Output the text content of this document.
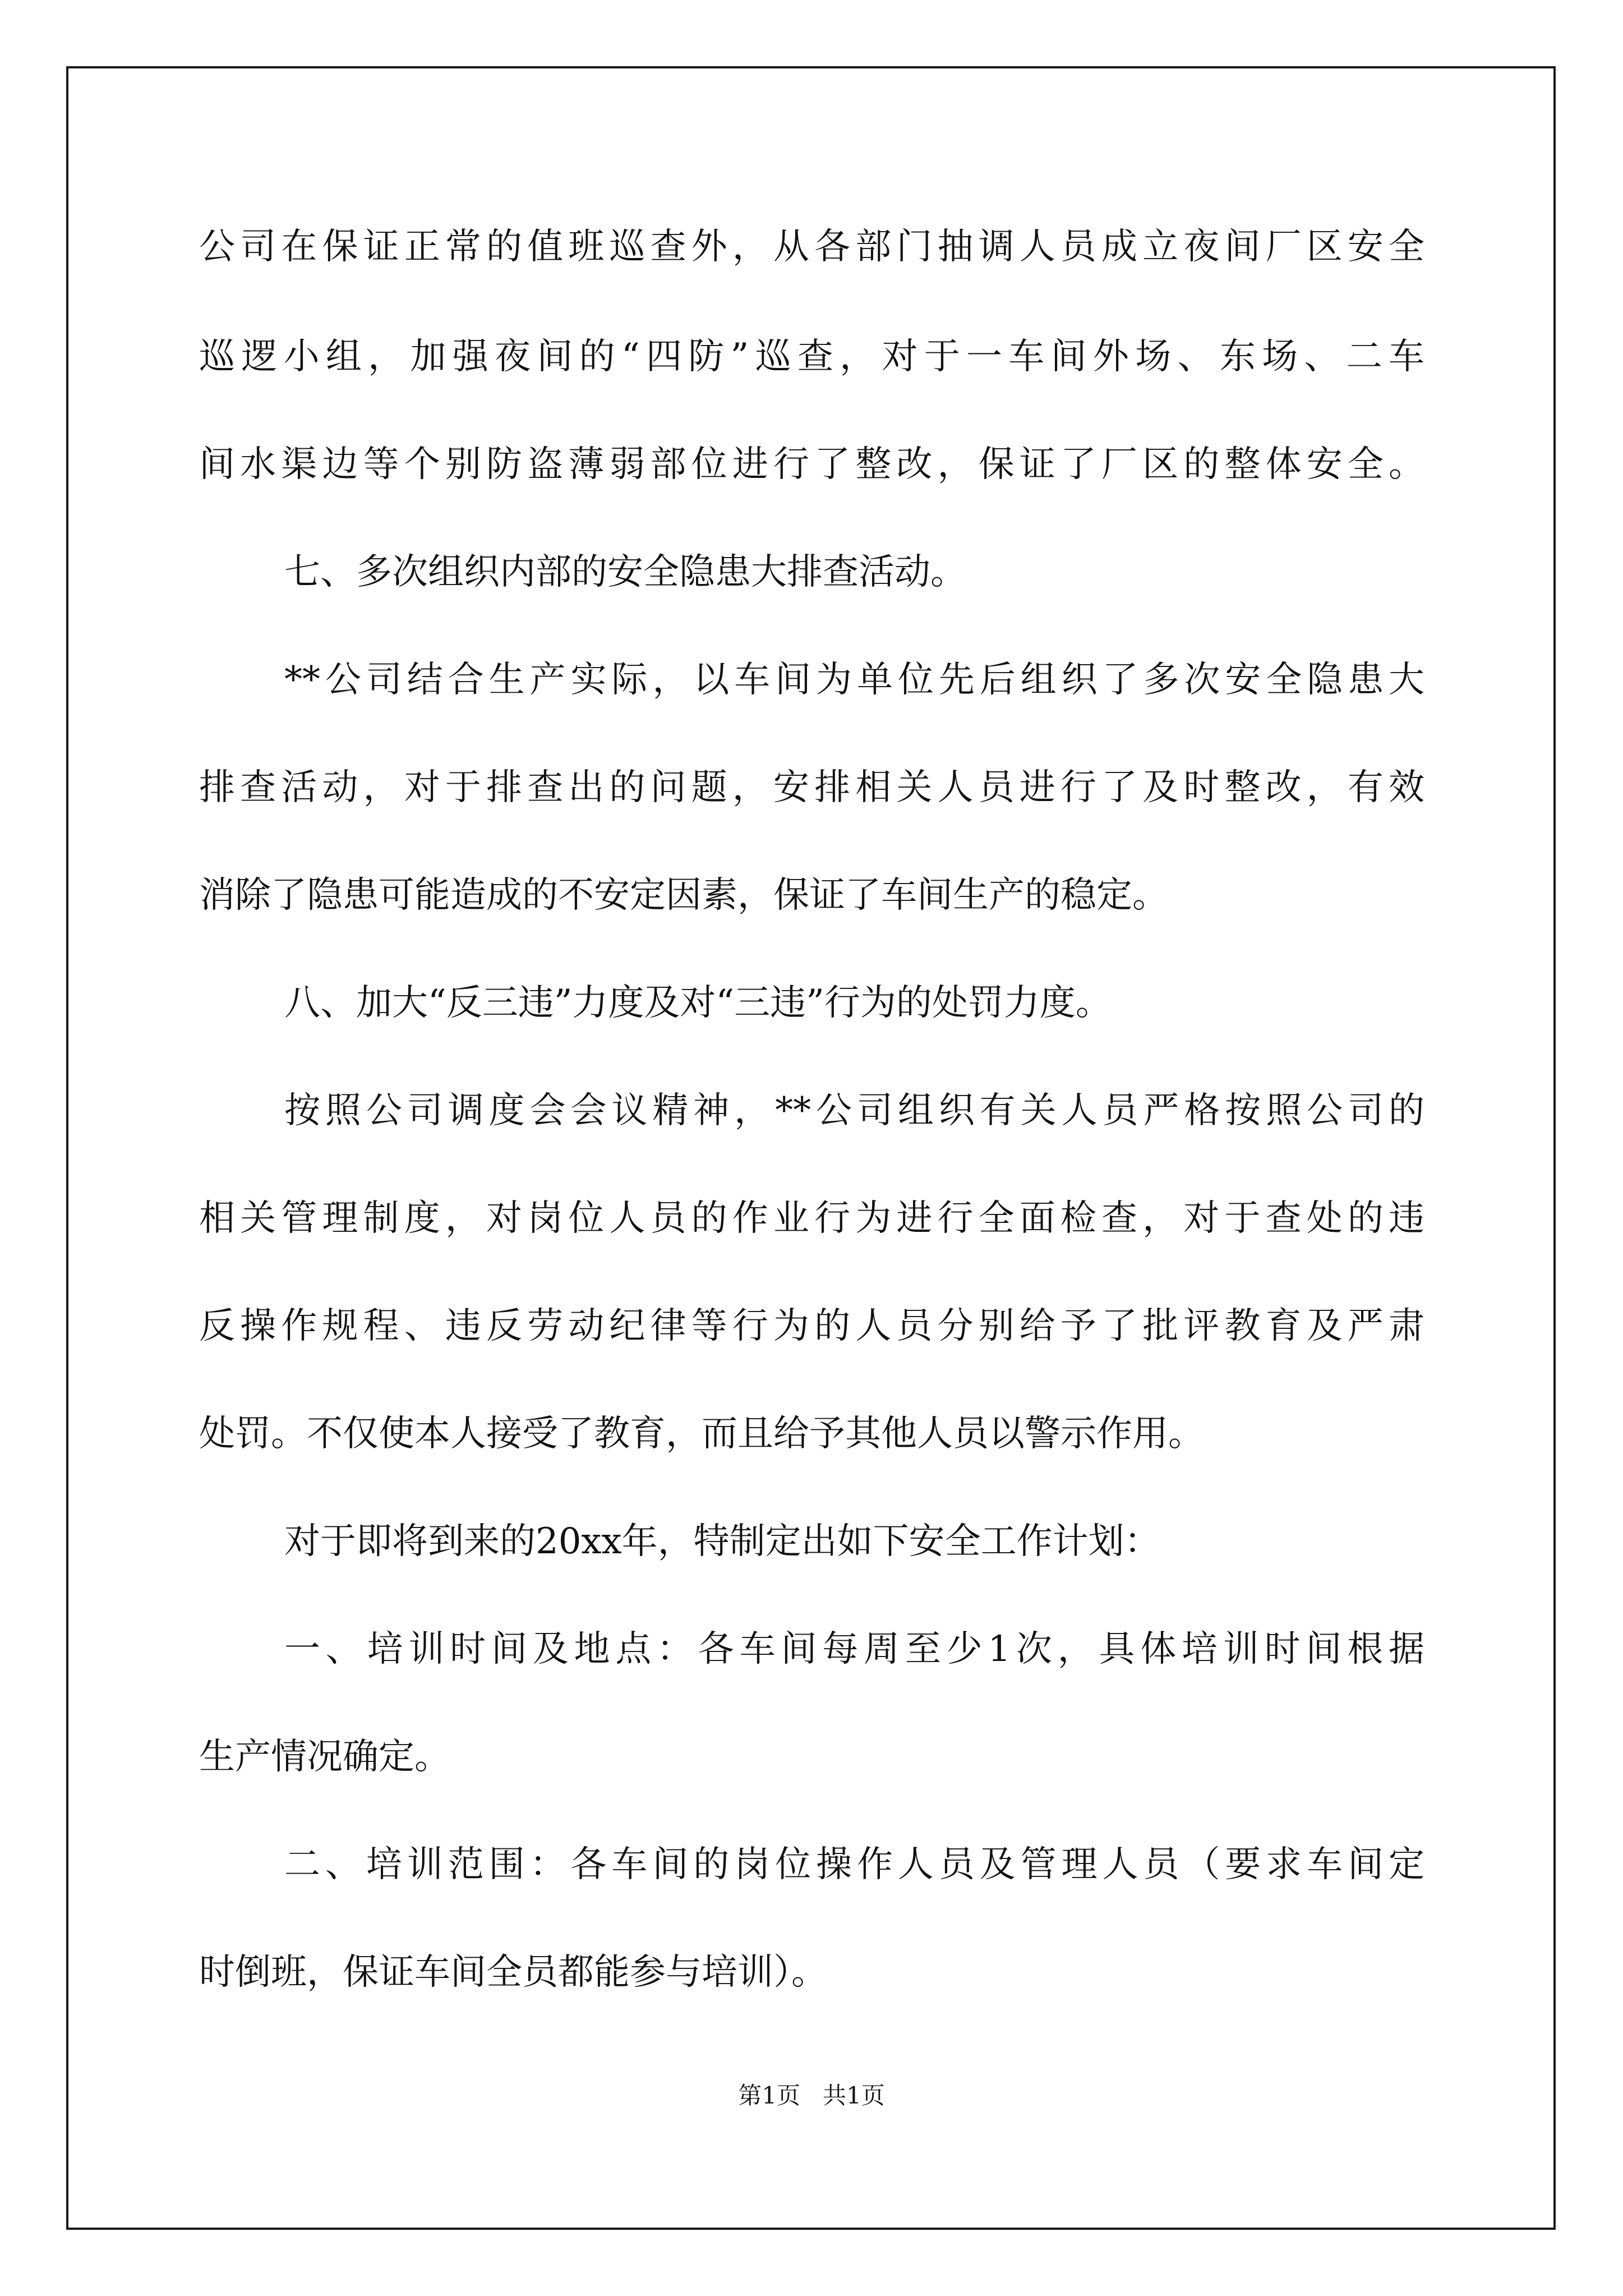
公司在保证正常的值班巡查外，从各部门抽调人员成立夜间厂区安全
巡逻小组，加强夜间的“四防”巡查，对于一车间外场、东场、二车
间水渠边等个别防盗薄弱部位进行了整改，保证了厂区的整体安全。
七、多次组织内部的安全隐患大排查活动。
**公司结合生产实际，以车间为单位先后组织了多次安全隐患大
排查活动，对于排查出的问题，安排相关人员进行了及时整改，有效
消除了隐患可能造成的不安定因素，保证了车间生产的稳定。
八、加大“反三违”力度及对“三违”行为的处罚力度。
按照公司调度会会议精神，**公司组织有关人员严格按照公司的
相关管理制度，对岗位人员的作业行为进行全面检查，对于查处的违
反操作规程、违反劳动纪律等行为的人员分别给予了批评教育及严肃
处罚。不仅使本人接受了教育，而且给予其他人员以警示作用。
对于即将到来的20xx年，特制定出如下安全工作计划：
一、培训时间及地点：各车间每周至少1次，具体培训时间根据
生产情况确定。
二、培训范围：各车间的岗位操作人员及管理人员（要求车间定
时倒班，保证车间全员都能参与培训）。
第1页   共1页
